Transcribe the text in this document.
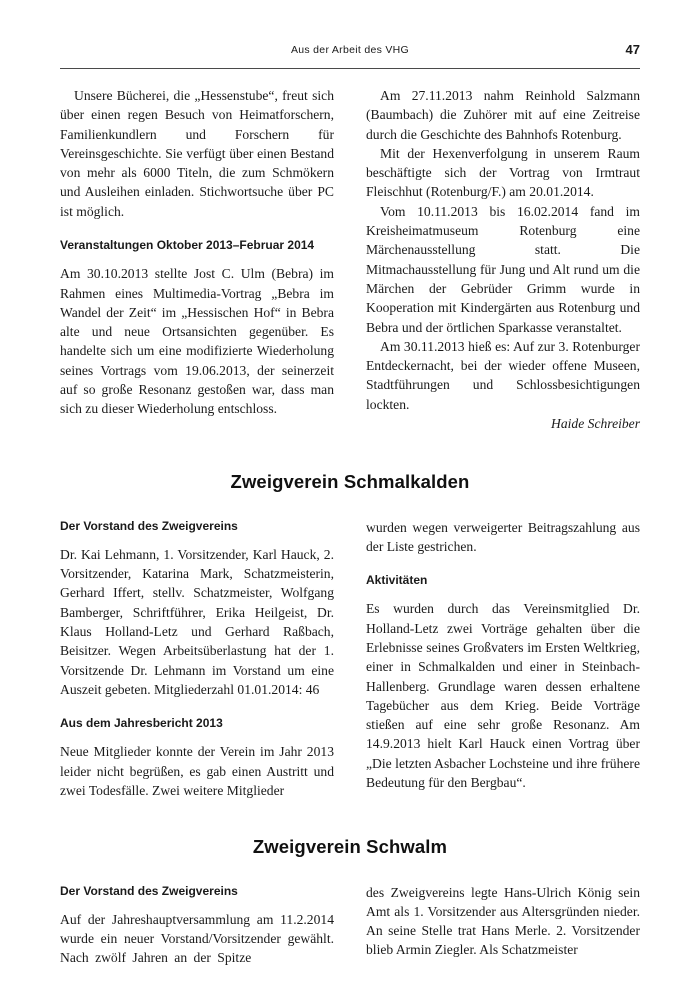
Aus der Arbeit des VHG	47

Unsere Bücherei, die „Hessenstube“, freut sich über einen regen Besuch von Heimatforschern, Familienkundlern und Forschern für Vereinsgeschichte. Sie verfügt über einen Bestand von mehr als 6000 Titeln, die zum Schmökern und Ausleihen einladen. Stichwortsuche über PC ist möglich.

Veranstaltungen Oktober 2013–Februar 2014

Am 30.10.2013 stellte Jost C. Ulm (Bebra) im Rahmen eines Multimedia-Vortrag „Bebra im Wandel der Zeit“ im „Hessischen Hof“ in Bebra alte und neue Ortsansichten gegenüber. Es handelte sich um eine modifizierte Wiederholung seines Vortrags vom 19.06.2013, der seinerzeit auf so große Resonanz gestoßen war, dass man sich zu dieser Wiederholung entschloss.

Am 27.11.2013 nahm Reinhold Salzmann (Baumbach) die Zuhörer mit auf eine Zeitreise durch die Geschichte des Bahnhofs Rotenburg.

Mit der Hexenverfolgung in unserem Raum beschäftigte sich der Vortrag von Irmtraut Fleischhut (Rotenburg/F.) am 20.01.2014.

Vom 10.11.2013 bis 16.02.2014 fand im Kreisheimatmuseum Rotenburg eine Märchenausstellung statt. Die Mitmachausstellung für Jung und Alt rund um die Märchen der Gebrüder Grimm wurde in Kooperation mit Kindergärten aus Rotenburg und Bebra und der örtlichen Sparkasse veranstaltet.

Am 30.11.2013 hieß es: Auf zur 3. Rotenburger Entdeckernacht, bei der wieder offene Museen, Stadtführungen und Schlossbesichtigungen lockten.

Haide Schreiber

Zweigverein Schmalkalden

Der Vorstand des Zweigvereins

Dr. Kai Lehmann, 1. Vorsitzender, Karl Hauck, 2. Vorsitzender, Katarina Mark, Schatzmeisterin, Gerhard Iffert, stellv. Schatzmeister, Wolfgang Bamberger, Schriftführer, Erika Heilgeist, Dr. Klaus Holland-Letz und Gerhard Raßbach, Beisitzer. Wegen Arbeitsüberlastung hat der 1. Vorsitzende Dr. Lehmann im Vorstand um eine Auszeit gebeten. Mitgliederzahl 01.01.2014: 46

Aus dem Jahresbericht 2013

Neue Mitglieder konnte der Verein im Jahr 2013 leider nicht begrüßen, es gab einen Austritt und zwei Todesfälle. Zwei weitere Mitglieder

wurden wegen verweigerter Beitragszahlung aus der Liste gestrichen.

Aktivitäten

Es wurden durch das Vereinsmitglied Dr. Holland-Letz zwei Vorträge gehalten über die Erlebnisse seines Großvaters im Ersten Weltkrieg, einer in Schmalkalden und einer in Steinbach-Hallenberg. Grundlage waren dessen erhaltene Tagebücher aus dem Krieg. Beide Vorträge stießen auf eine sehr große Resonanz. Am 14.9.2013 hielt Karl Hauck einen Vortrag über „Die letzten Asbacher Lochsteine und ihre frühere Bedeutung für den Bergbau“.

Zweigverein Schwalm

Der Vorstand des Zweigvereins

Auf der Jahreshauptversammlung am 11.2.2014 wurde ein neuer Vorstand/Vorsitzender gewählt. Nach zwölf Jahren an der Spitze

des Zweigvereins legte Hans-Ulrich König sein Amt als 1. Vorsitzender aus Altersgründen nieder. An seine Stelle trat Hans Merle. 2. Vorsitzender blieb Armin Ziegler. Als Schatzmeister
